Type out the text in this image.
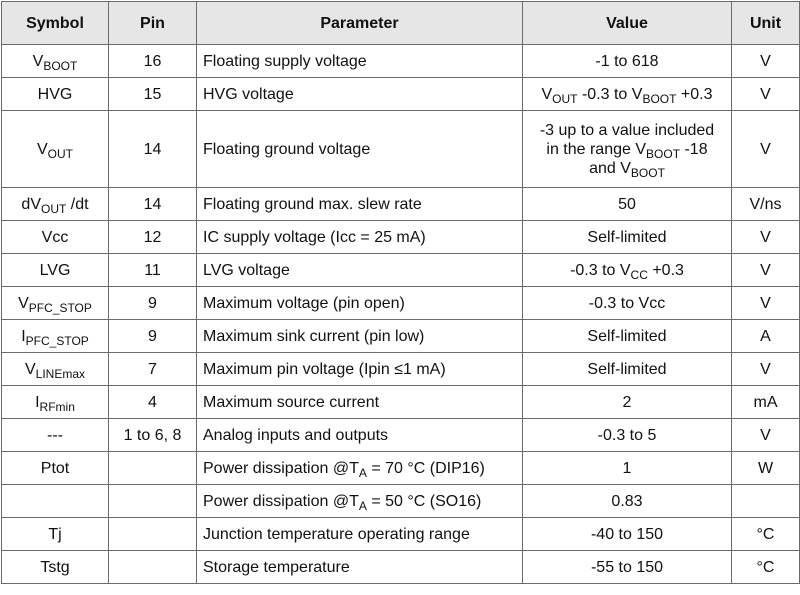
Symbol	Pin	Parameter	Value	Unit
$V_{BOOT}$	16	Floating supply voltage	-1 to 618	V
HVG	15	HVG voltage	$V_{OUT}$ -0.3 to $V_{BOOT} +0.3$	V
$V_{OUT}$	14	Floating ground voltage	-3 up to a value included
in the range $V_{BOOT}$ -18
and $V_{BOOT}$	V
$dV_{OUT}$ /dt	14	Floating ground max. slew rate	50	V/ns
Vcc	12	IC supply voltage (Icc = 25 mA)	Self-limited	V
LVG	11	LVG voltage	-0.3 to $V_{CC} +0.3$	V
$V_{PFC\_STOP}$	9	Maximum voltage (pin open)	-0.3 to Vcc	V
$I_{PFC\_STOP}$	9	Maximum sink current (pin low)	Self-limited	A
$V_{LINEmax}$	7	Maximum pin voltage (Ipin ≤1 mA)	Self-limited	V
$I_{RFmin}$	4	Maximum source current	2	mA
---	1 to 6, 8	Analog inputs and outputs	-0.3 to 5	V
Ptot		Power dissipation $@T_A = 70$ °C (DIP16)	1	W
		Power dissipation $@T_A = 50$ °C (SO16)	0.83	
Tj		Junction temperature operating range	-40 to 150	°C
Tstg		Storage temperature	-55 to 150	°C
